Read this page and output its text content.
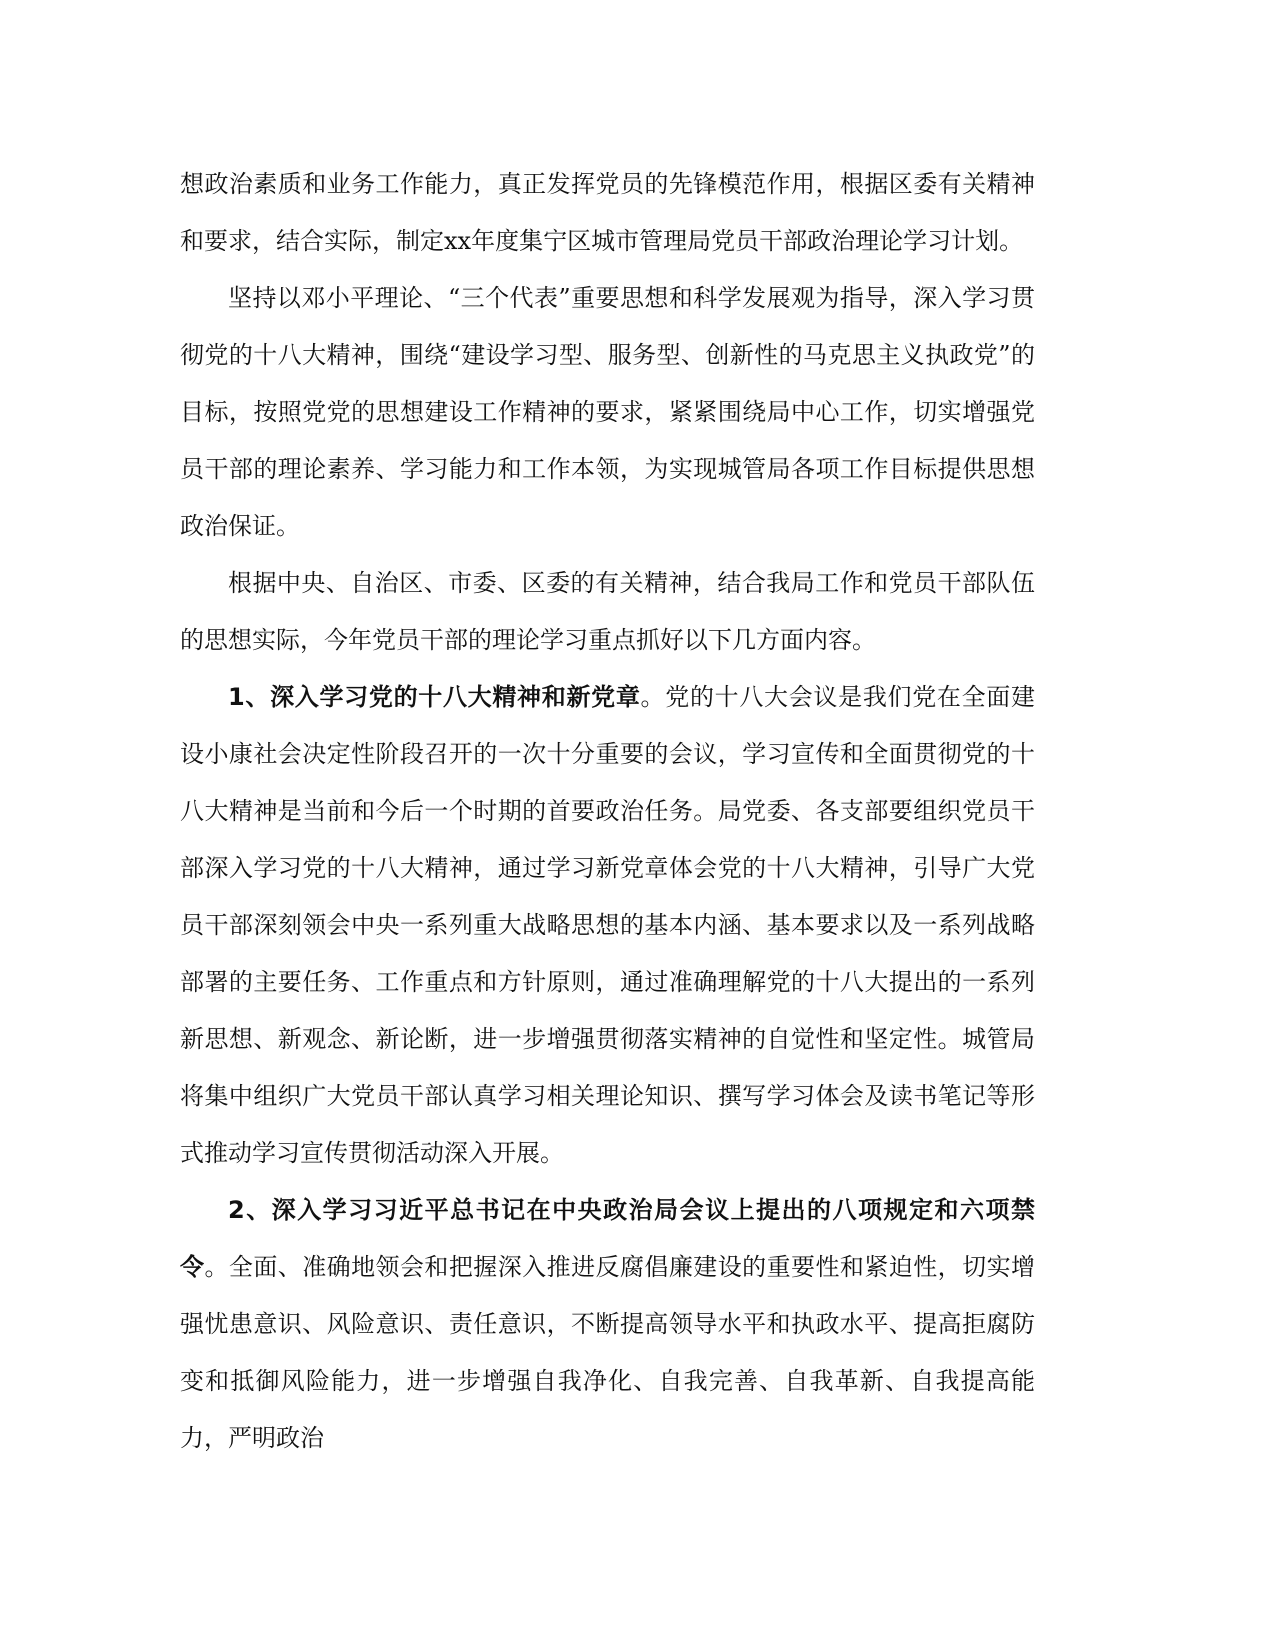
想政治素质和业务工作能力，真正发挥党员的先锋模范作用，根据区委有关精神和要求，结合实际，制定xx年度集宁区城市管理局党员干部政治理论学习计划。

坚持以邓小平理论、“三个代表”重要思想和科学发展观为指导，深入学习贯彻党的十八大精神，围绕“建设学习型、服务型、创新性的马克思主义执政党”的目标，按照党党的思想建设工作精神的要求，紧紧围绕局中心工作，切实增强党员干部的理论素养、学习能力和工作本领，为实现城管局各项工作目标提供思想政治保证。

根据中央、自治区、市委、区委的有关精神，结合我局工作和党员干部队伍的思想实际，今年党员干部的理论学习重点抓好以下几方面内容。

1、深入学习党的十八大精神和新党章。党的十八大会议是我们党在全面建设小康社会决定性阶段召开的一次十分重要的会议，学习宣传和全面贯彻党的十八大精神是当前和今后一个时期的首要政治任务。局党委、各支部要组织党员干部深入学习党的十八大精神，通过学习新党章体会党的十八大精神，引导广大党员干部深刻领会中央一系列重大战略思想的基本内涵、基本要求以及一系列战略部署的主要任务、工作重点和方针原则，通过准确理解党的十八大提出的一系列新思想、新观念、新论断，进一步增强贯彻落实精神的自觉性和坚定性。城管局将集中组织广大党员干部认真学习相关理论知识、撰写学习体会及读书笔记等形式推动学习宣传贯彻活动深入开展。

2、深入学习习近平总书记在中央政治局会议上提出的八项规定和六项禁令。全面、准确地领会和把握深入推进反腐倡廉建设的重要性和紧迫性，切实增强忧患意识、风险意识、责任意识，不断提高领导水平和执政水平、提高拒腐防变和抵御风险能力，进一步增强自我净化、自我完善、自我革新、自我提高能力，严明政治
